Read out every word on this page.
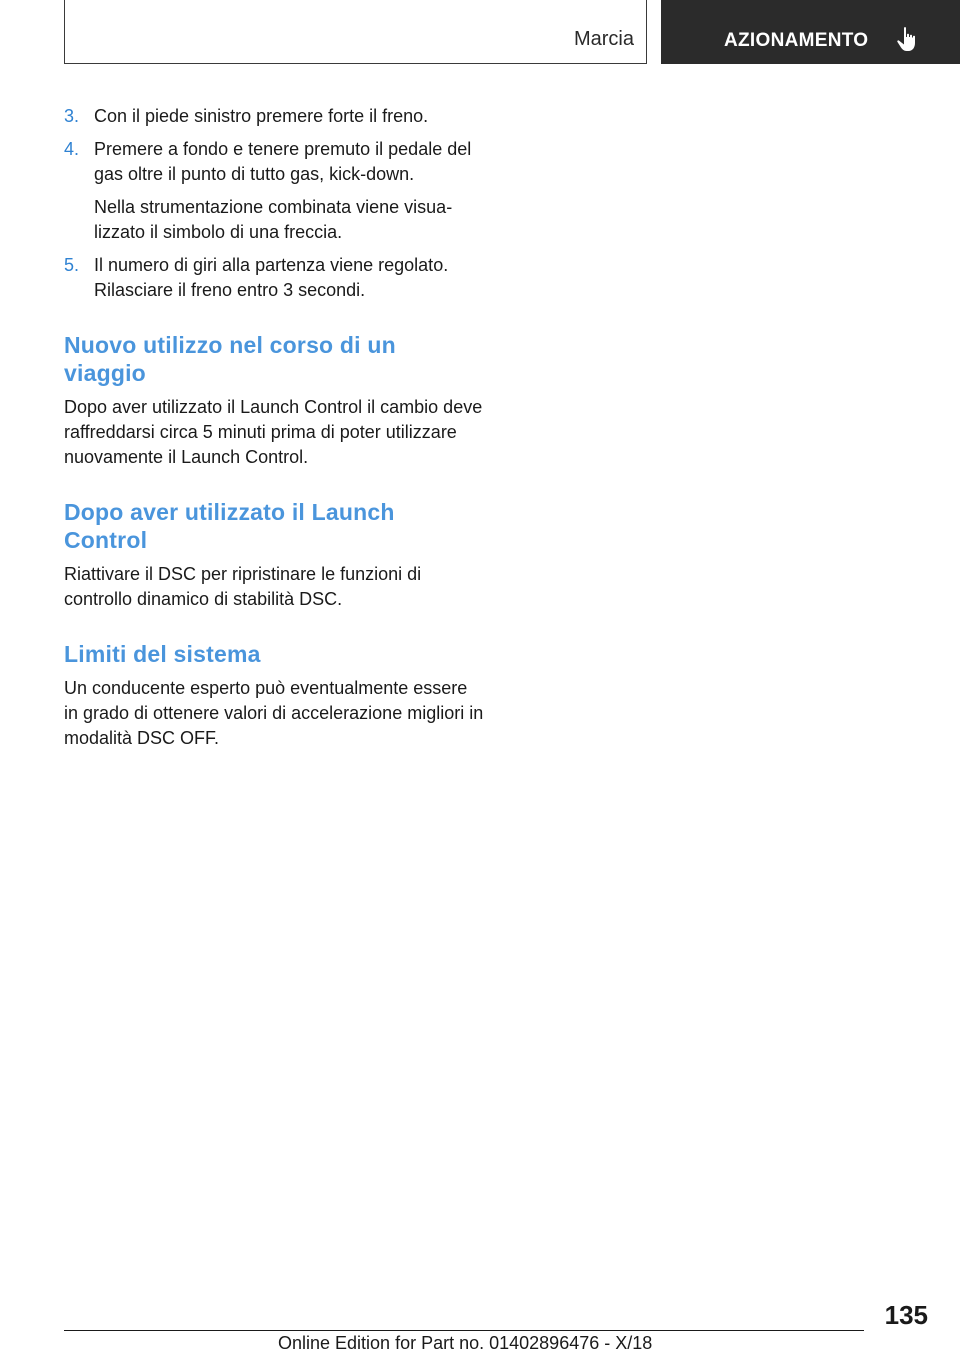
Marcia	AZIONAMENTO
3. Con il piede sinistro premere forte il freno.

4. Premere a fondo e tenere premuto il pedale del gas oltre il punto di tutto gas, kick-down.

Nella strumentazione combinata viene visualizzato il simbolo di una freccia.

5. Il numero di giri alla partenza viene regolato. Rilasciare il freno entro 3 secondi.

Nuovo utilizzo nel corso di un viaggio

Dopo aver utilizzato il Launch Control il cambio deve raffreddarsi circa 5 minuti prima di poter utilizzare nuovamente il Launch Control.

Dopo aver utilizzato il Launch Control

Riattivare il DSC per ripristinare le funzioni di controllo dinamico di stabilità DSC.

Limiti del sistema

Un conducente esperto può eventualmente essere in grado di ottenere valori di accelerazione migliori in modalità DSC OFF.

135
Online Edition for Part no. 01402896476 - X/18
